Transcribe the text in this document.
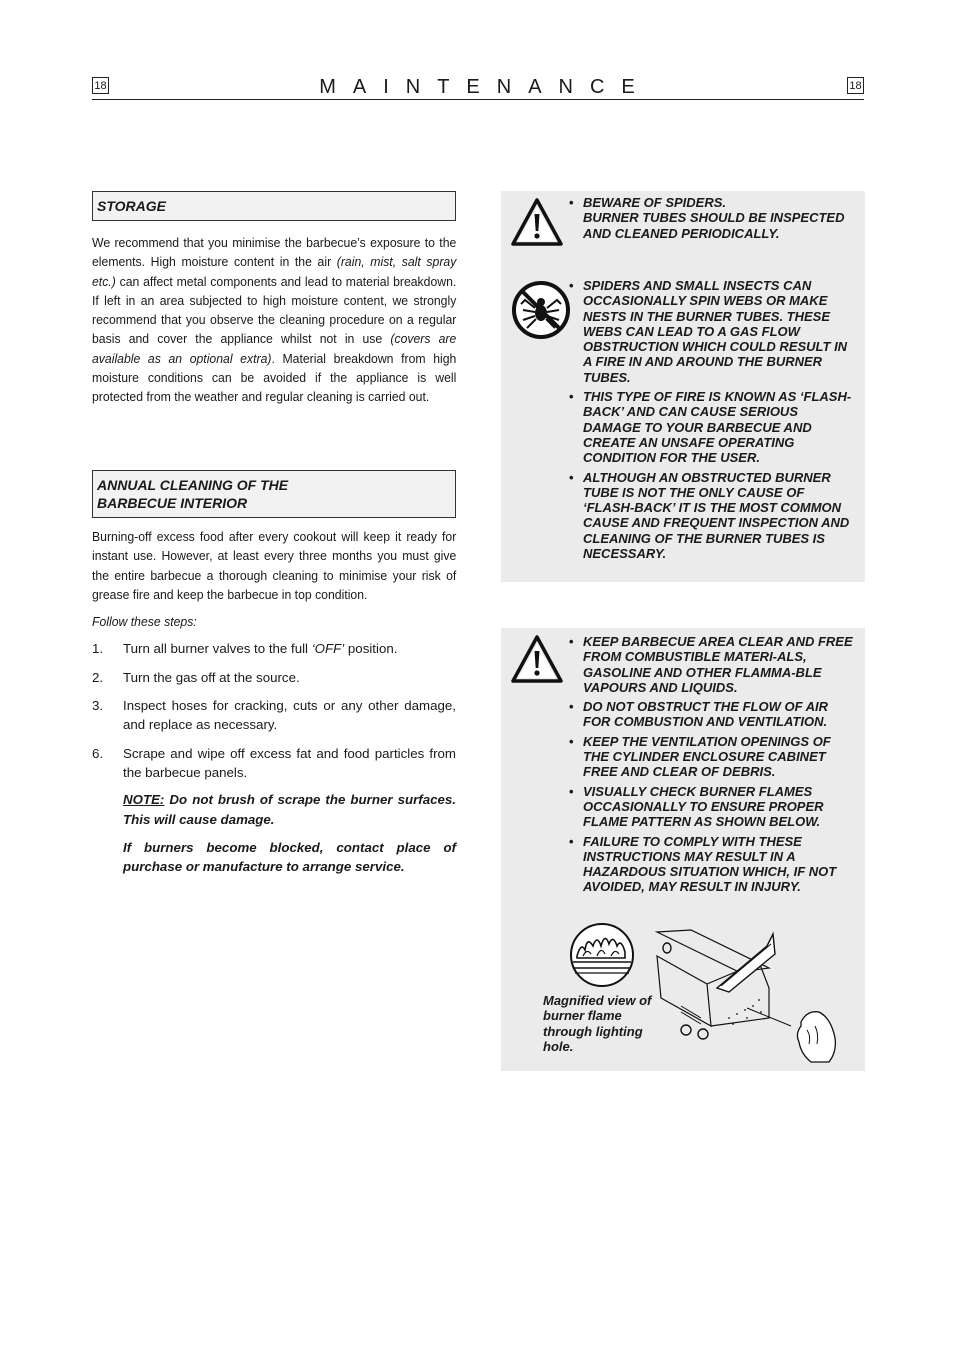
18	MAINTENANCE	18
STORAGE

We recommend that you minimise the barbecue’s exposure to the elements. High moisture content in the air (rain, mist, salt spray etc.) can affect metal components and lead to material breakdown. If left in an area subjected to high moisture content, we strongly recommend that you observe the cleaning procedure on a regular basis and cover the appliance whilst not in use (covers are available as an optional extra). Material breakdown from high moisture conditions can be avoided if the appliance is well protected from the weather and regular cleaning is carried out.

ANNUAL CLEANING OF THE
BARBECUE INTERIOR

Burning-off excess food after every cookout will keep it ready for instant use. However, at least every three months you must give the entire barbecue a thorough cleaning to minimise your risk of grease fire and keep the barbecue in top condition.

Follow these steps:

1.	Turn all burner valves to the full ‘OFF’ position.
2.	Turn the gas off at the source.
3.	Inspect hoses for cracking, cuts or any other damage, and replace as necessary.
6.	Scrape and wipe off excess fat and food particles from the barbecue panels.

NOTE: Do not brush of scrape the burner surfaces. This will cause damage.

If burners become blocked, contact place of purchase or manufacture to arrange service.

• BEWARE OF SPIDERS.
BURNER TUBES SHOULD BE INSPECTED AND CLEANED PERIODICALLY.
• SPIDERS AND SMALL INSECTS CAN OCCASIONALLY SPIN WEBS OR MAKE NESTS IN THE BURNER TUBES. THESE WEBS CAN LEAD TO A GAS FLOW OBSTRUCTION WHICH COULD RESULT IN A FIRE IN AND AROUND THE BURNER TUBES.
• THIS TYPE OF FIRE IS KNOWN AS ‘FLASH-BACK’ AND CAN CAUSE SERIOUS DAMAGE TO YOUR BARBECUE AND CREATE AN UNSAFE OPERATING CONDITION FOR THE USER.
• ALTHOUGH AN OBSTRUCTED BURNER TUBE IS NOT THE ONLY CAUSE OF ‘FLASH-BACK’ IT IS THE MOST COMMON CAUSE AND FREQUENT INSPECTION AND CLEANING OF THE BURNER TUBES IS NECESSARY.
• KEEP BARBECUE AREA CLEAR AND FREE FROM COMBUSTIBLE MATERI-ALS, GASOLINE AND OTHER FLAMMA-BLE VAPOURS AND LIQUIDS.
• DO NOT OBSTRUCT THE FLOW OF AIR FOR COMBUSTION AND VENTILATION.
• KEEP THE VENTILATION OPENINGS OF THE CYLINDER ENCLOSURE CABINET FREE AND CLEAR OF DEBRIS.
• VISUALLY CHECK BURNER FLAMES OCCASIONALLY TO ENSURE PROPER FLAME PATTERN AS SHOWN BELOW.
• FAILURE TO COMPLY WITH THESE INSTRUCTIONS MAY RESULT IN A HAZARDOUS SITUATION WHICH, IF NOT AVOIDED, MAY RESULT IN INJURY.
Magnified view of burner flame through lighting hole.
